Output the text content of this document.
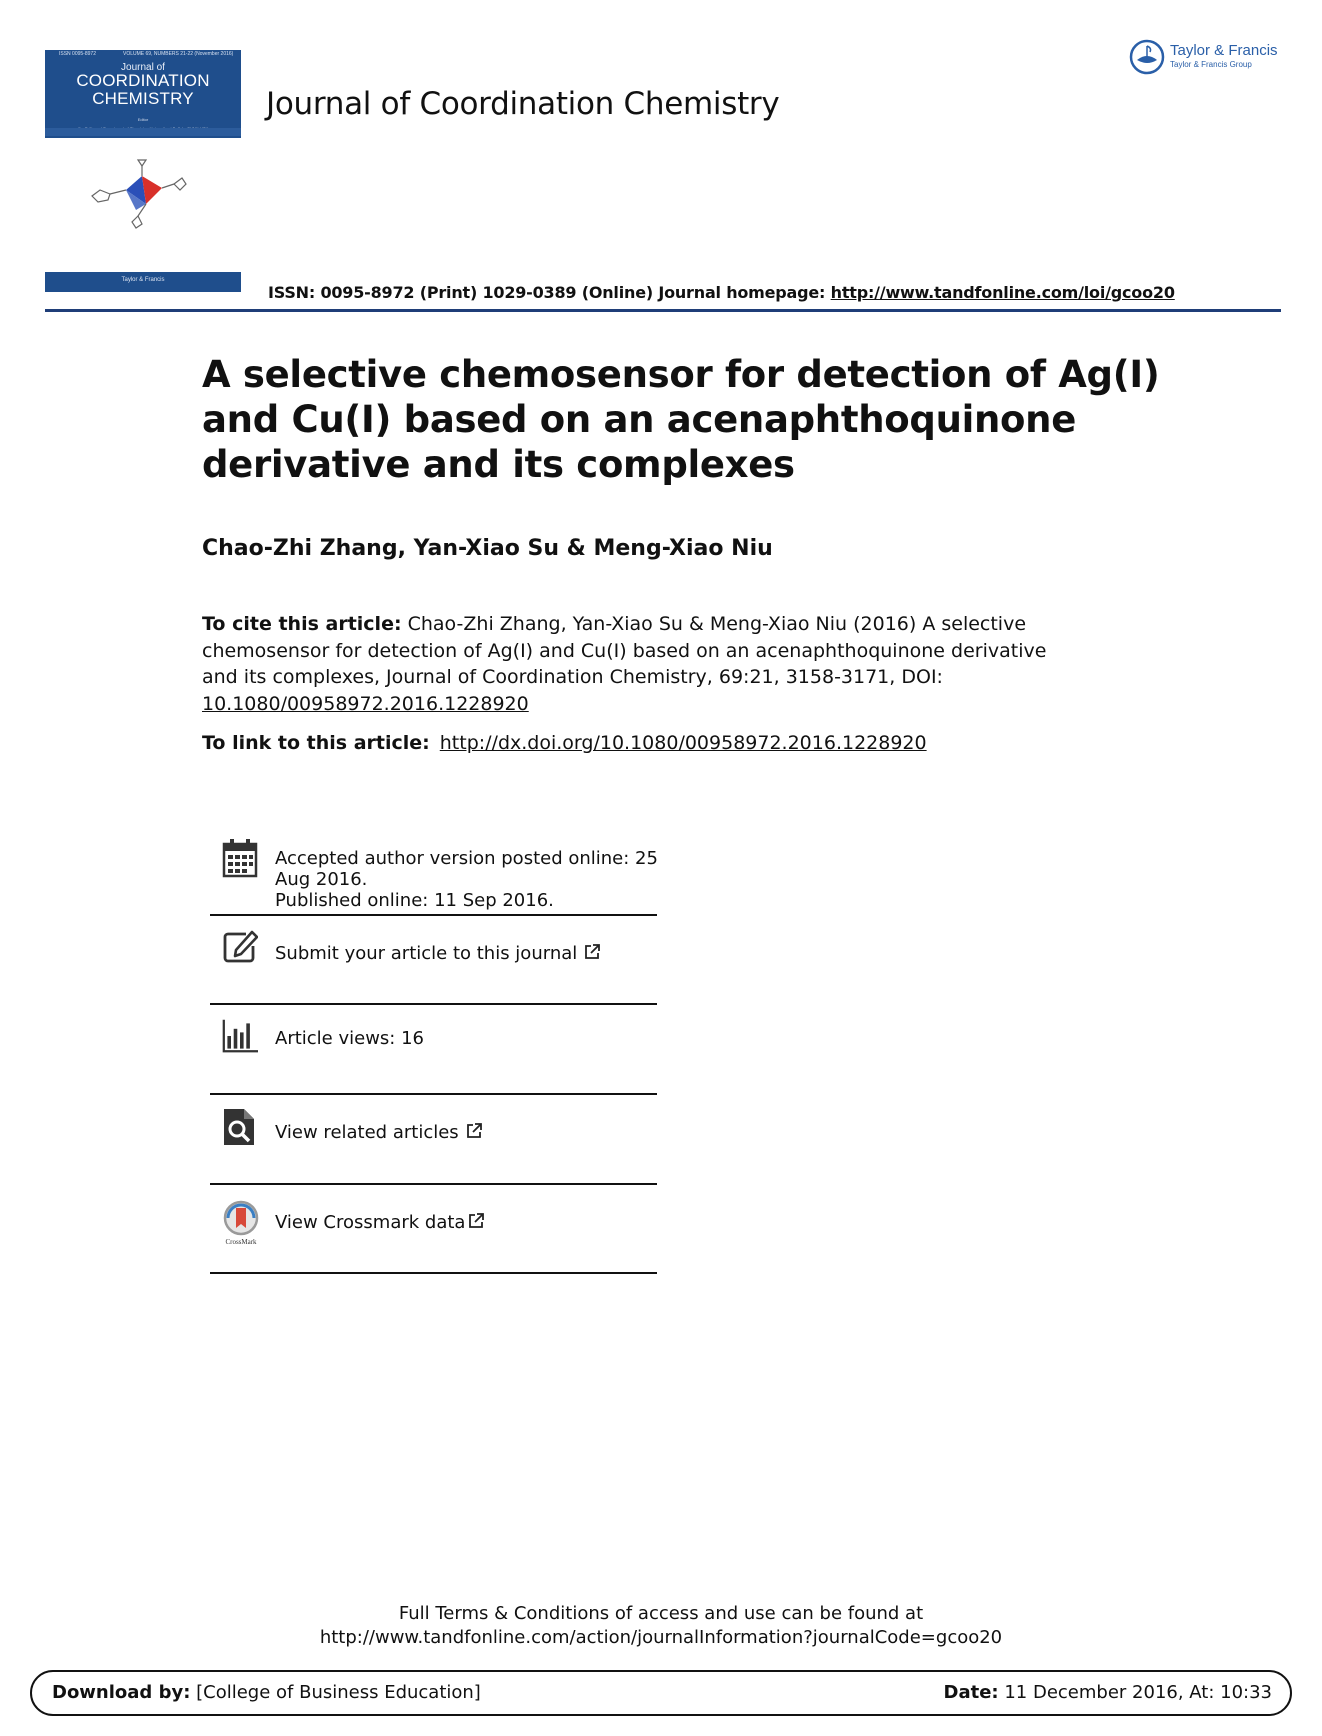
ISSN 0095-8972	VOLUME 69, NUMBERS 21-22 (November 2016)
Journal of
COORDINATION
CHEMISTRY
Editor
Taylor & Francis
Journal of Coordination Chemistry
Taylor & Francis
Taylor & Francis Group
ISSN: 0095-8972 (Print) 1029-0389 (Online) Journal homepage: http://www.tandfonline.com/loi/gcoo20
A selective chemosensor for detection of Ag(I) and Cu(I) based on an acenaphthoquinone derivative and its complexes
Chao-Zhi Zhang, Yan-Xiao Su & Meng-Xiao Niu
To cite this article: Chao-Zhi Zhang, Yan-Xiao Su & Meng-Xiao Niu (2016) A selective chemosensor for detection of Ag(I) and Cu(I) based on an acenaphthoquinone derivative and its complexes, Journal of Coordination Chemistry, 69:21, 3158-3171, DOI: 10.1080/00958972.2016.1228920
To link to this article: http://dx.doi.org/10.1080/00958972.2016.1228920
Accepted author version posted online: 25
Aug 2016.
Published online: 11 Sep 2016.
Submit your article to this journal
Article views: 16
View related articles
CrossMark
View Crossmark data
Full Terms & Conditions of access and use can be found at
http://www.tandfonline.com/action/journalInformation?journalCode=gcoo20
Download by: [College of Business Education]	Date: 11 December 2016, At: 10:33
